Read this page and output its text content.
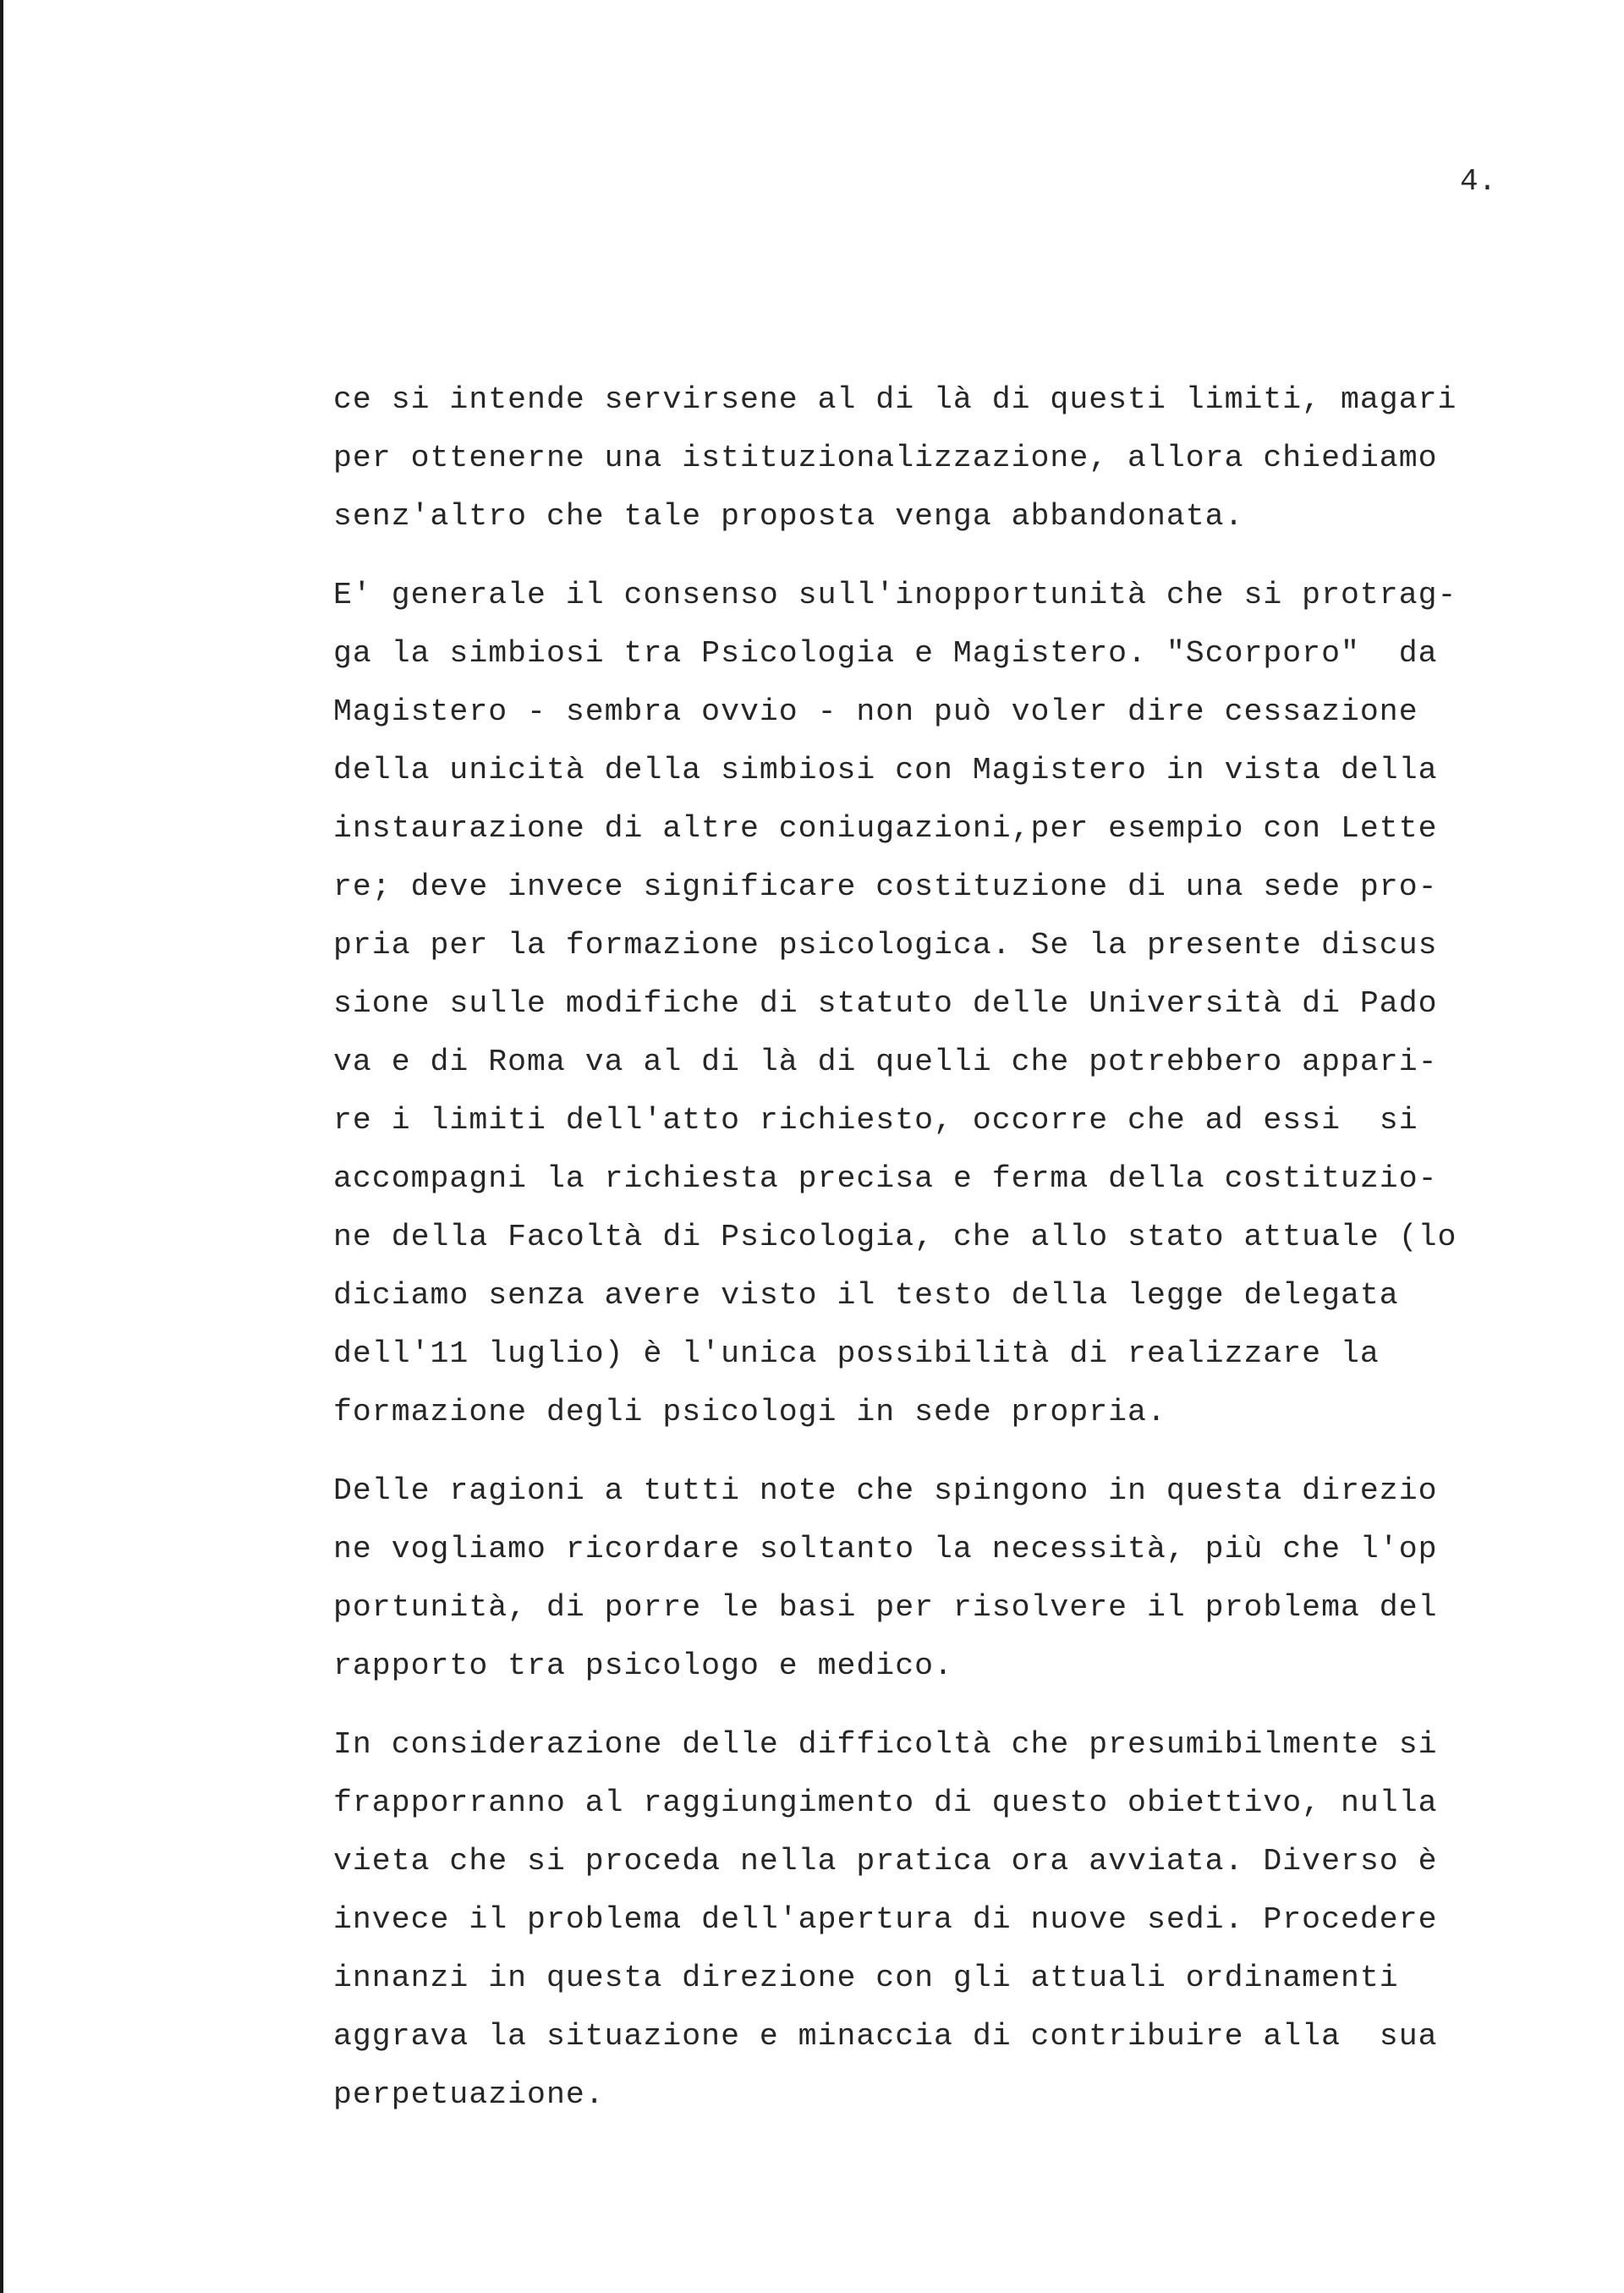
4.

ce si intende servirsene al di là di questi limiti, magari
per ottenerne una istituzionalizzazione, allora chiediamo
senz'altro che tale proposta venga abbandonata.
E' generale il consenso sull'inopportunità che si protrag-
ga la simbiosi tra Psicologia e Magistero. "Scorporo"  da
Magistero - sembra ovvio - non può voler dire cessazione
della unicità della simbiosi con Magistero in vista della
instaurazione di altre coniugazioni,per esempio con Lette
re; deve invece significare costituzione di una sede pro-
pria per la formazione psicologica. Se la presente discus
sione sulle modifiche di statuto delle Università di Pado
va e di Roma va al di là di quelli che potrebbero appari-
re i limiti dell'atto richiesto, occorre che ad essi  si
accompagni la richiesta precisa e ferma della costituzio-
ne della Facoltà di Psicologia, che allo stato attuale (lo
diciamo senza avere visto il testo della legge delegata
dell'11 luglio) è l'unica possibilità di realizzare la
formazione degli psicologi in sede propria.
Delle ragioni a tutti note che spingono in questa direzio
ne vogliamo ricordare soltanto la necessità, più che l'op
portunità, di porre le basi per risolvere il problema del
rapporto tra psicologo e medico.
In considerazione delle difficoltà che presumibilmente si
frapporranno al raggiungimento di questo obiettivo, nulla
vieta che si proceda nella pratica ora avviata. Diverso è
invece il problema dell'apertura di nuove sedi. Procedere
innanzi in questa direzione con gli attuali ordinamenti
aggrava la situazione e minaccia di contribuire alla  sua
perpetuazione.
